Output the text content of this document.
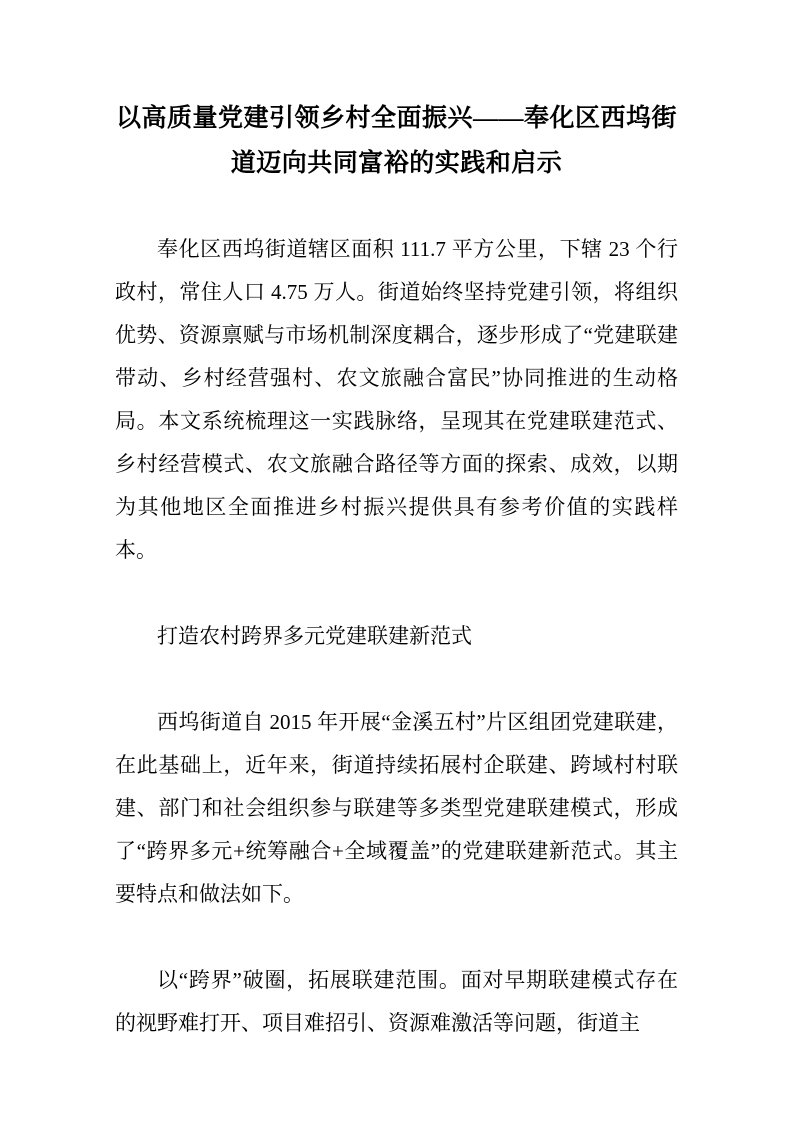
以高质量党建引领乡村全面振兴——奉化区西坞街
道迈向共同富裕的实践和启示

奉化区西坞街道辖区面积 111.7 平方公里，下辖 23 个行政村，常住人口 4.75 万人。街道始终坚持党建引领，将组织优势、资源禀赋与市场机制深度耦合，逐步形成了“党建联建带动、乡村经营强村、农文旅融合富民”协同推进的生动格局。本文系统梳理这一实践脉络，呈现其在党建联建范式、乡村经营模式、农文旅融合路径等方面的探索、成效，以期为其他地区全面推进乡村振兴提供具有参考价值的实践样本。

打造农村跨界多元党建联建新范式

西坞街道自 2015 年开展“金溪五村”片区组团党建联建，在此基础上，近年来，街道持续拓展村企联建、跨域村村联建、部门和社会组织参与联建等多类型党建联建模式，形成了“跨界多元+统筹融合+全域覆盖”的党建联建新范式。其主要特点和做法如下。

以“跨界”破圈，拓展联建范围。面对早期联建模式存在的视野难打开、项目难招引、资源难激活等问题，街道主
